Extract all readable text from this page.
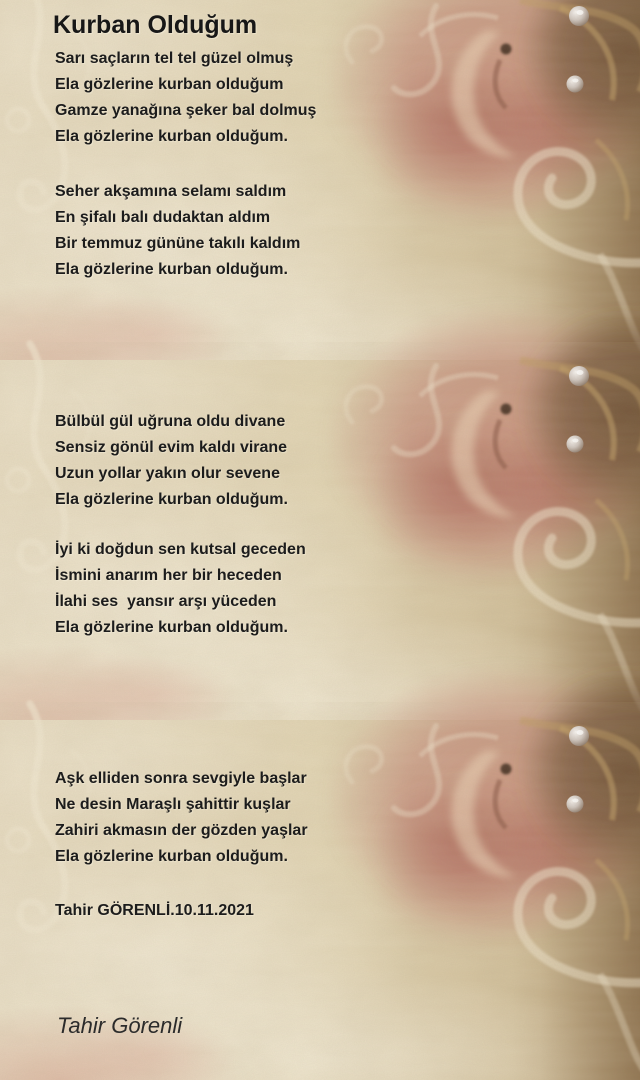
Kurban Olduğum
Sarı saçların tel tel güzel olmuş
Ela gözlerine kurban olduğum
Gamze yanağına şeker bal dolmuş
Ela gözlerine kurban olduğum.
Seher akşamına selamı saldım
En şifalı balı dudaktan aldım
Bir temmuz gününe takılı kaldım
Ela gözlerine kurban olduğum.
Bülbül gül uğruna oldu divane
Sensiz gönül evim kaldı virane
Uzun yollar yakın olur sevene
Ela gözlerine kurban olduğum.
İyi ki doğdun sen kutsal geceden
İsmini anarım her bir heceden
İlahi ses  yansır arşı yüceden
Ela gözlerine kurban olduğum.
Aşk elliden sonra sevgiyle başlar
Ne desin Maraşlı şahittir kuşlar
Zahiri akmasın der gözden yaşlar
Ela gözlerine kurban olduğum.
Tahir GÖRENLİ.10.11.2021
Tahir Görenli
